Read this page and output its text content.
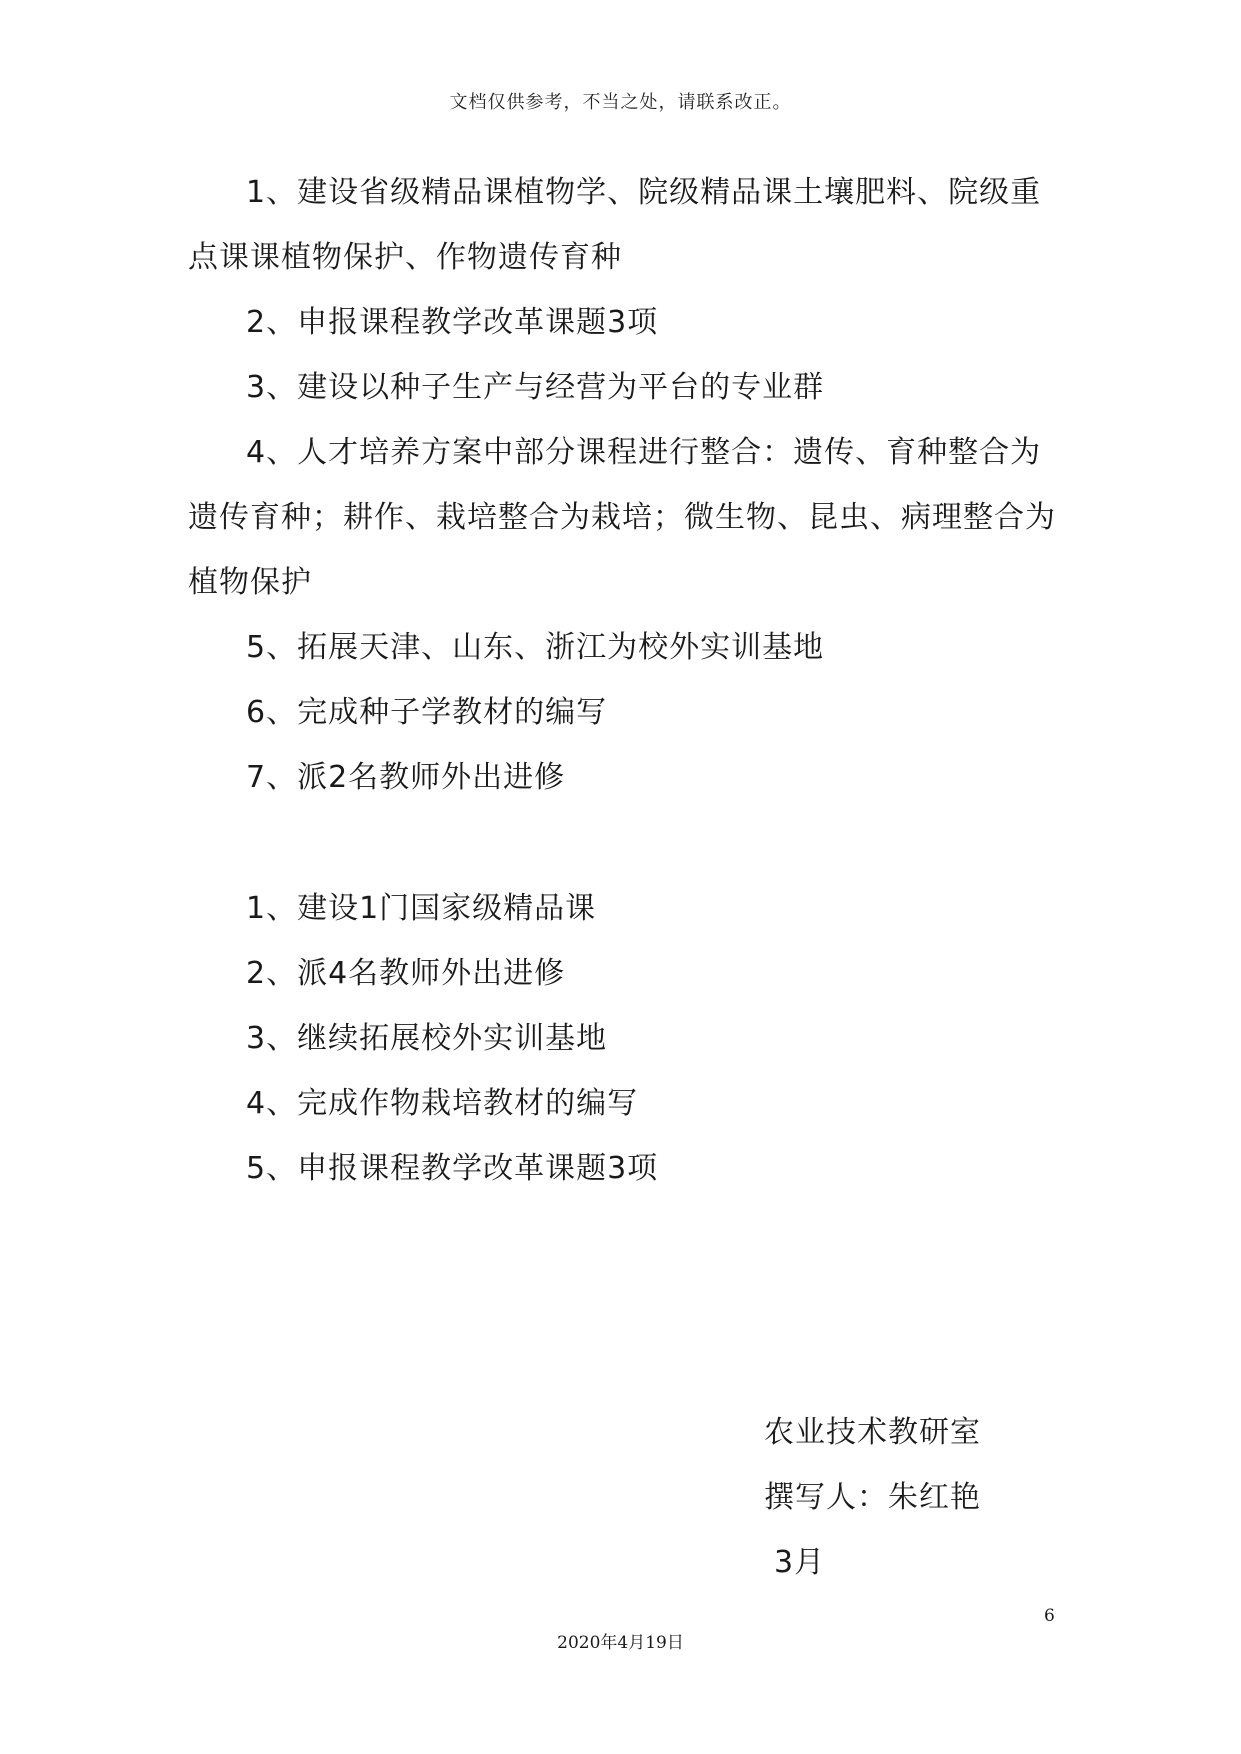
文档仅供参考，不当之处，请联系改正。

1、建设省级精品课植物学、院级精品课土壤肥料、院级重点课课植物保护、作物遗传育种

2、申报课程教学改革课题3项

3、建设以种子生产与经营为平台的专业群

4、人才培养方案中部分课程进行整合：遗传、育种整合为遗传育种；耕作、栽培整合为栽培；微生物、昆虫、病理整合为植物保护

5、拓展天津、山东、浙江为校外实训基地

6、完成种子学教材的编写

7、派2名教师外出进修

1、建设1门国家级精品课

2、派4名教师外出进修

3、继续拓展校外实训基地

4、完成作物栽培教材的编写

5、申报课程教学改革课题3项

农业技术教研室

撰写人：朱红艳

3月

6
2020年4月19日
